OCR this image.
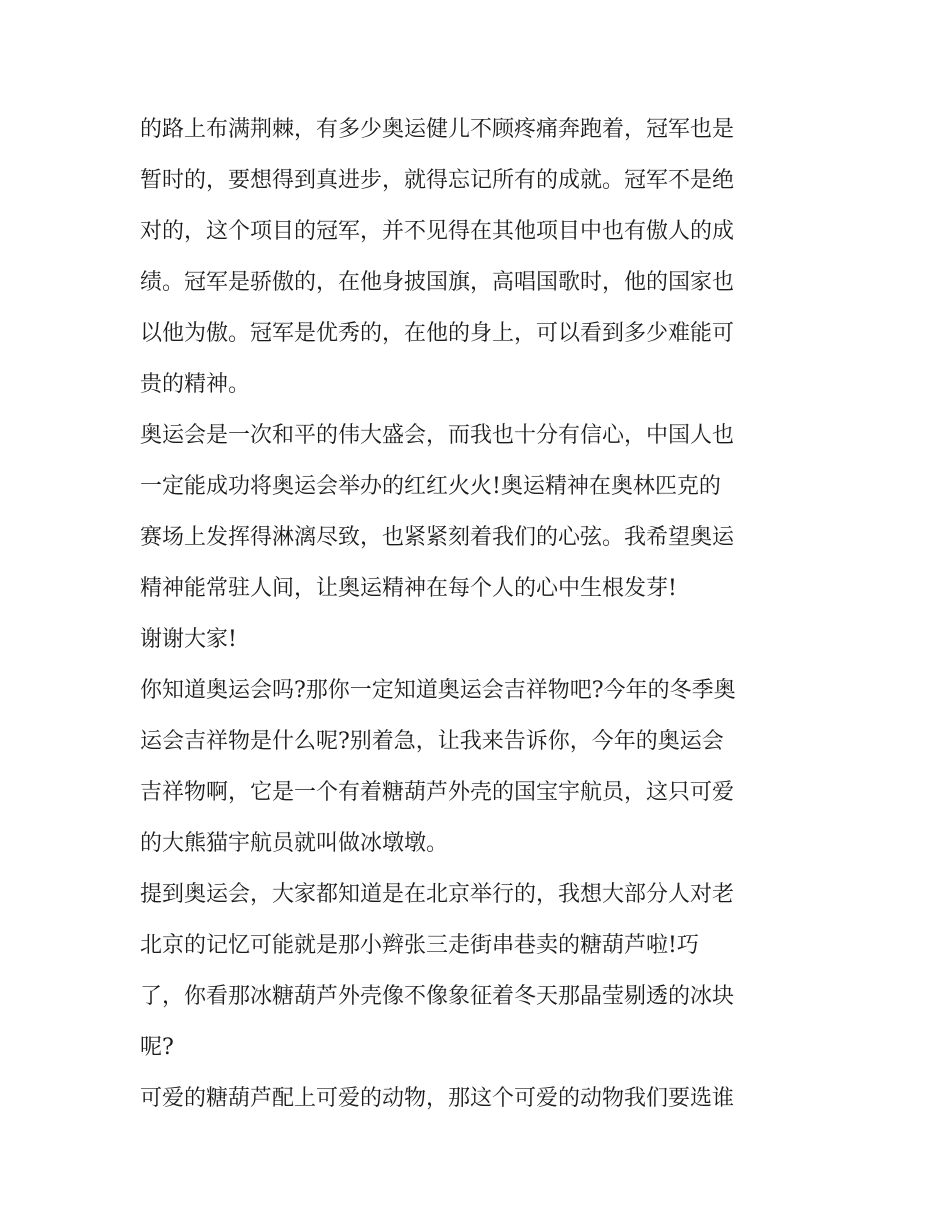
的路上布满荆棘，有多少奥运健儿不顾疼痛奔跑着，冠军也是
暂时的，要想得到真进步，就得忘记所有的成就。冠军不是绝
对的，这个项目的冠军，并不见得在其他项目中也有傲人的成
绩。冠军是骄傲的，在他身披国旗，高唱国歌时，他的国家也
以他为傲。冠军是优秀的，在他的身上，可以看到多少难能可
贵的精神。
奥运会是一次和平的伟大盛会，而我也十分有信心，中国人也
一定能成功将奥运会举办的红红火火!奥运精神在奥林匹克的
赛场上发挥得淋漓尽致，也紧紧刻着我们的心弦。我希望奥运
精神能常驻人间，让奥运精神在每个人的心中生根发芽!
谢谢大家!
你知道奥运会吗?那你一定知道奥运会吉祥物吧?今年的冬季奥
运会吉祥物是什么呢?别着急，让我来告诉你，今年的奥运会
吉祥物啊，它是一个有着糖葫芦外壳的国宝宇航员，这只可爱
的大熊猫宇航员就叫做冰墩墩。
提到奥运会，大家都知道是在北京举行的，我想大部分人对老
北京的记忆可能就是那小辫张三走街串巷卖的糖葫芦啦!巧
了，你看那冰糖葫芦外壳像不像象征着冬天那晶莹剔透的冰块
呢?
可爱的糖葫芦配上可爱的动物，那这个可爱的动物我们要选谁
